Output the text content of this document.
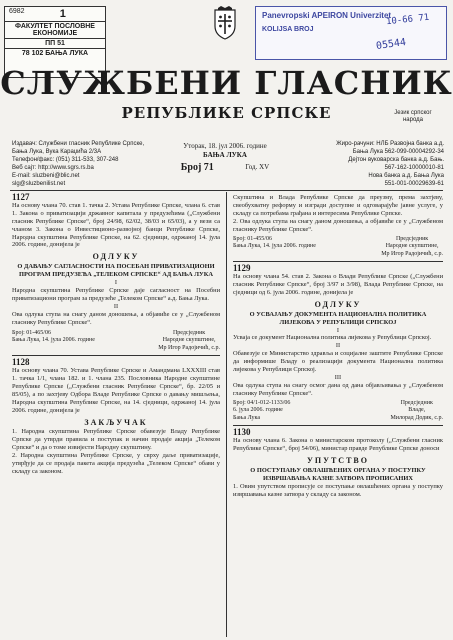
6982	1
ФАКУЛТЕТ ПОСЛОВНЕ ЕКОНОМИЈЕ
ПП 51
78 102 БАЊА ЛУКА
Panevropski APEIRON Univerzitet
KOLIJSA BROJ
10-66 71
05544
СЛУЖБЕНИ ГЛАСНИК
РЕПУБЛИКЕ СРПСКЕ	Језик српског народа
Издавач: Службени гласник Републике Српске,
Бања Лука, Вука Караџића 2/3А
Телефон/факс: (051) 311-533, 307-248
Веб сајт: http://www.sgrs.rs.ba
E-mail: sluzbeni@blic.net
slg@sluzbenilist.net
Уторак, 18. јул 2006. године
БАЊА ЛУКА
Број 71	Год. XV
Жиро-рачуни: НЛБ Развојна банка а.д.
Бања Лука 562-099-00004292-34
Дејтон вуковарска банка а.д. Бањ.
567-162-10000010-81
Нова банка а.д. Бања Лука
551-001-00029639-61
1127
На основу члана 70. став 1. тачка 2. Устава Републике Српске, члана 6. став 1. Закона о приватизацији државног капитала у предузећима („Службени гласник Републике Српске“, број 24/98, 62/02, 38/03 и 65/03), а у вези са чланом 3. Закона о Инвестиционо-развојној банци Републике Српске, Народна скупштина Републике Српске, на 62. сједници, одржаној 14. јула 2006. године, донијела је
ОДЛУКУ
О ДАВАЊУ САГЛАСНОСТИ НА ПОСЕБАН ПРИВАТИЗАЦИОНИ ПРОГРАМ ПРЕДУЗЕЋА „ТЕЛЕКОМ СРПСКЕ“ АД БАЊА ЛУКА
I
Народна скупштина Републике Српске даје сагласност на Посебни приватизациони програм за предузеће „Телеком Српске“ а.д. Бања Лука.
II
Ова одлука ступа на снагу даном доношења, а објавиће се у „Службеном гласнику Републике Српске“.
Број: 01-465/06
Бања Лука, 14. јула 2006. године
Предсједник
Народне скупштине,
Мр Игор Радојичић, с.р.
1128
На основу члана 70. Устава Републике Српске и Амандмана LXXXIII став 1. тачка 1/1, члана 182. и 1. члана 235. Пословника Народне скупштине Републике Српске („Службени гласник Републике Српске“, бр. 22/05 и 85/05), а по захтјеву Одбора Владе Републике Српске о давању мишљења, Народна скупштина Републике Српске, на 14. сједници, одржаној 14. јула 2006. године, донијела је
ЗАКЉУЧАК
1. Народна скупштина Републике Српске обавезује Владу Републике Српске да утврди правила и поступак и начин продаје акција „Телеком Српске“ и да о томе извијести Народну скупштину.
2. Народна скупштина Републике Српске, у сврху даље приватизације, утврђује да се продаја пакета акција предузећа „Телеком Српске“ обави у складу са законом.
Скупштина и Влада Републике Српске да преузму, према захтјеву, свеобухватну реформу и изгради доступне и одговарајуће јавне услуге, у складу са потребама грађана и интересима Републике Српске.
2. Ова одлука ступа на снагу даном доношења, а објавиће се у „Службеном гласнику Републике Српске“.
Број: 01-455/06
Бања Лука, 14. јула 2006. године
Предсједник
Народне скупштине,
Мр Игор Радојичић, с.р.
1129
На основу члана 54. став 2. Закона о Влади Републике Српске („Службени гласник Републике Српске“, број 3/97 и 3/98), Влада Републике Српске, на сједници од 6. јула 2006. године, донијела је
ОДЛУКУ
О УСВАЈАЊУ ДОКУМЕНТА НАЦИОНАЛНА ПОЛИТИКА ЛИЈЕКОВА У РЕПУБЛИЦИ СРПСКОЈ
I
Усваја се документ Национална политика лијекова у Републици Српској.
II
Обавезује се Министарство здравља и социјалне заштите Републике Српске да информише Владу о реализацији документа Национална политика лијекова у Републици Српској.
III
Ова одлука ступа на снагу осмог дана од дана објављивања у „Службеном гласнику Републике Српске“.
Број: 04/1-012-1133/06
6. јула 2006. године
Бања Лука
Предсједник
Владе,
Милорад Додик, с.р.
1130
На основу члана 6. Закона о министарском протоколу („Службени гласник Републике Српске“, број 54/06), министар правде Републике Српске доноси
УПУТСТВО
О ПОСТУПАЊУ ОВЛАШЋЕНИХ ОРГАНА У ПОСТУПКУ ИЗВРШАВАЊА КАЗНЕ ЗАТВОРА ПРОПИСАНИХ
1. Овим упутством прописује се поступање овлашћених органа у поступку извршавања казне затвора у складу са законом.
